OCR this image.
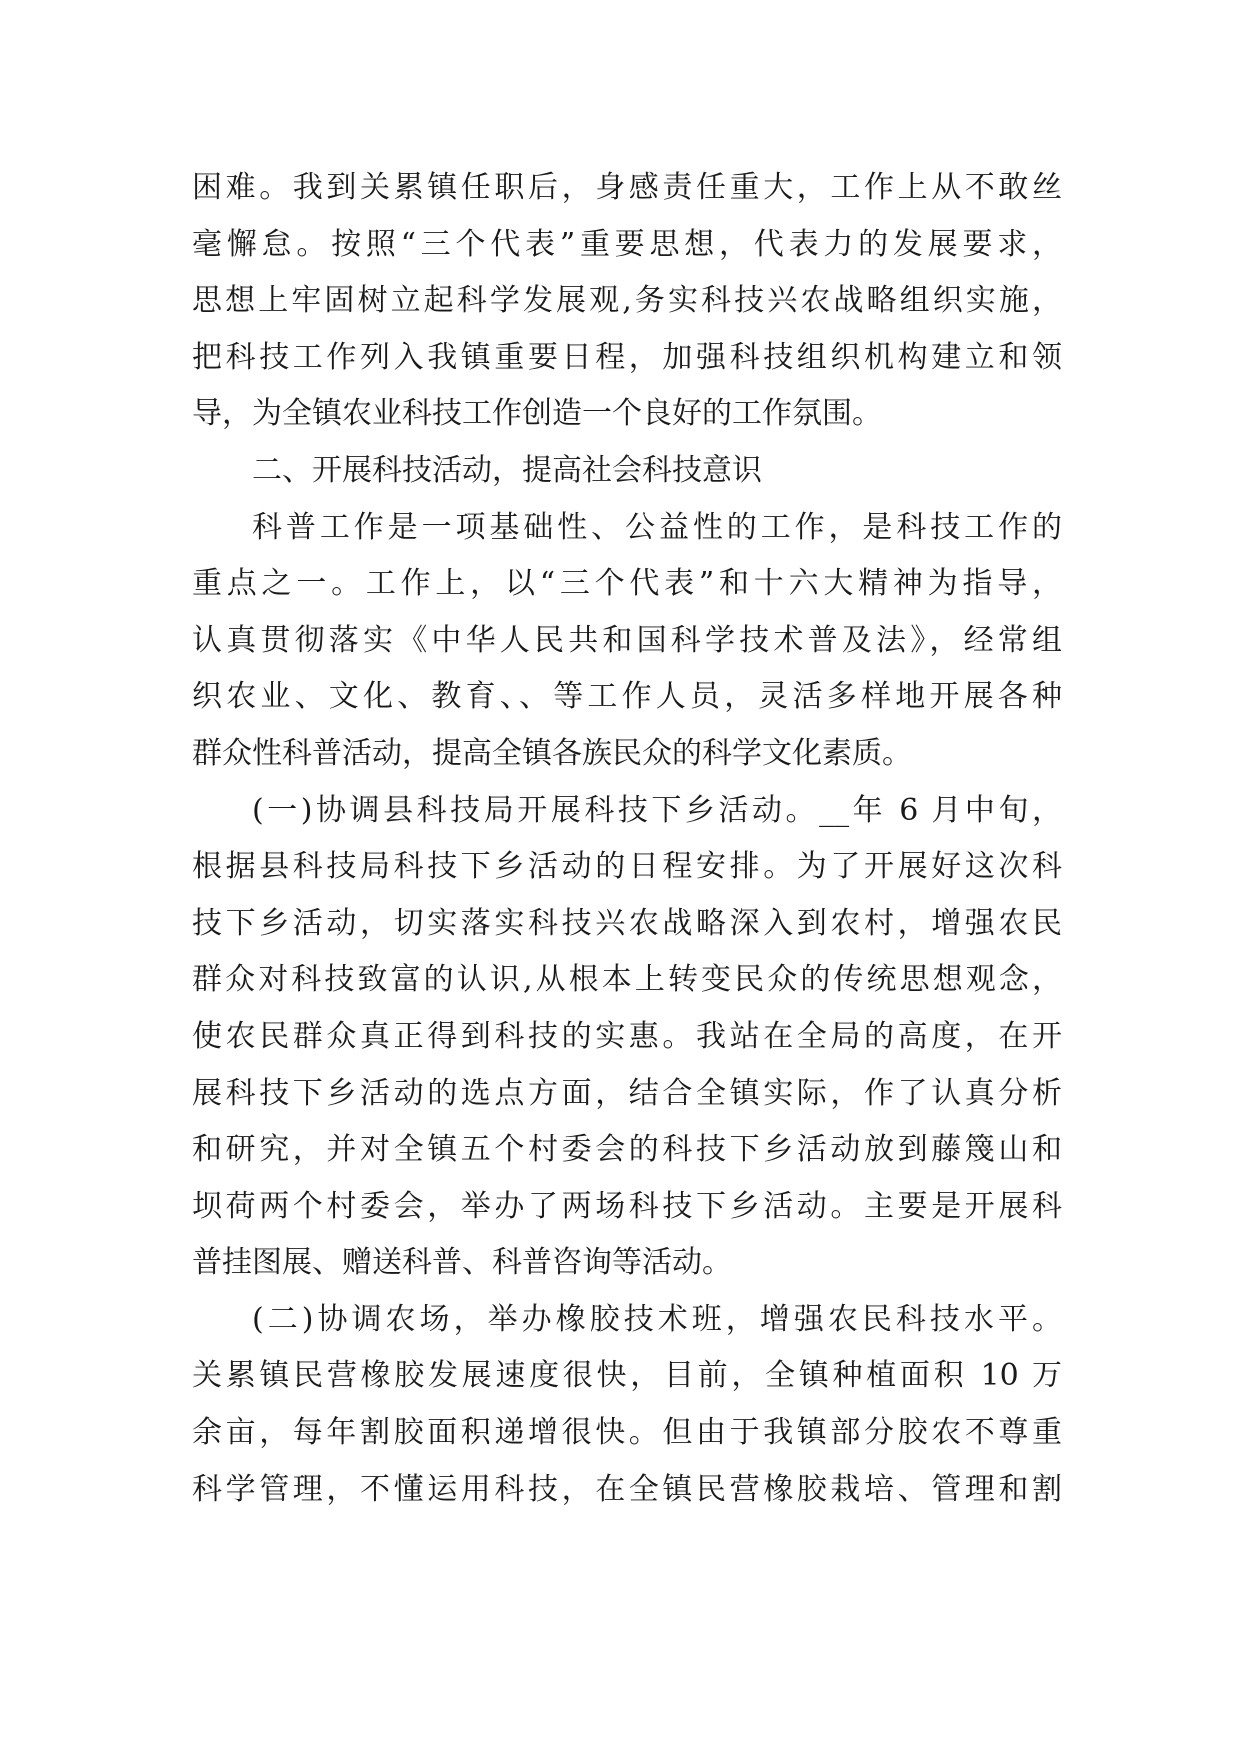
困难。我到关累镇任职后，身感责任重大，工作上从不敢丝
毫懈怠。按照“三个代表”重要思想，代表力的发展要求，
思想上牢固树立起科学发展观,务实科技兴农战略组织实施，
把科技工作列入我镇重要日程，加强科技组织机构建立和领
导，为全镇农业科技工作创造一个良好的工作氛围。
二、开展科技活动，提高社会科技意识
科普工作是一项基础性、公益性的工作，是科技工作的
重点之一。工作上，以“三个代表”和十六大精神为指导，
认真贯彻落实《中华人民共和国科学技术普及法》，经常组
织农业、文化、教育、、等工作人员，灵活多样地开展各种
群众性科普活动，提高全镇各族民众的科学文化素质。
(一)协调县科技局开展科技下乡活动。__年 6 月中旬，
根据县科技局科技下乡活动的日程安排。为了开展好这次科
技下乡活动，切实落实科技兴农战略深入到农村，增强农民
群众对科技致富的认识,从根本上转变民众的传统思想观念，
使农民群众真正得到科技的实惠。我站在全局的高度，在开
展科技下乡活动的选点方面，结合全镇实际，作了认真分析
和研究，并对全镇五个村委会的科技下乡活动放到藤篾山和
坝荷两个村委会，举办了两场科技下乡活动。主要是开展科
普挂图展、赠送科普、科普咨询等活动。
(二)协调农场，举办橡胶技术班，增强农民科技水平。
关累镇民营橡胶发展速度很快，目前，全镇种植面积 10 万
余亩，每年割胶面积递增很快。但由于我镇部分胶农不尊重
科学管理，不懂运用科技，在全镇民营橡胶栽培、管理和割
